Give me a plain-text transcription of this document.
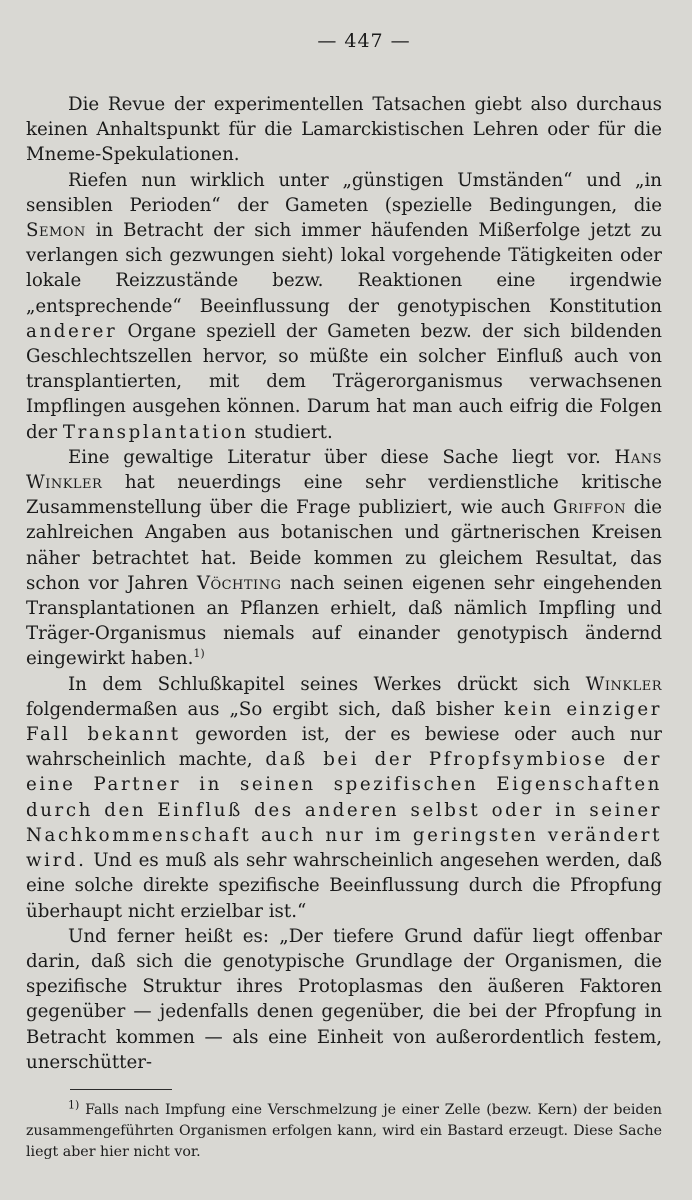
— 447 —

Die Revue der experimentellen Tatsachen giebt also durchaus keinen Anhaltspunkt für die Lamarckistischen Lehren oder für die Mneme-Spekulationen.

Riefen nun wirklich unter „günstigen Umständen“ und „in sensiblen Perioden“ der Gameten (spezielle Bedingungen, die Semon in Betracht der sich immer häufenden Mißerfolge jetzt zu verlangen sich gezwungen sieht) lokal vorgehende Tätigkeiten oder lokale Reizzustände bezw. Reaktionen eine irgendwie „entsprechende“ Beeinflussung der genotypischen Konstitution anderer Organe speziell der Gameten bezw. der sich bildenden Geschlechtszellen hervor, so müßte ein solcher Einfluß auch von transplantierten, mit dem Trägerorganismus verwachsenen Impflingen ausgehen können. Darum hat man auch eifrig die Folgen der Transplantation studiert.

Eine gewaltige Literatur über diese Sache liegt vor. Hans Winkler hat neuerdings eine sehr verdienstliche kritische Zusammenstellung über die Frage publiziert, wie auch Griffon die zahlreichen Angaben aus botanischen und gärtnerischen Kreisen näher betrachtet hat. Beide kommen zu gleichem Resultat, das schon vor Jahren Vöchting nach seinen eigenen sehr eingehenden Transplantationen an Pflanzen erhielt, daß nämlich Impfling und Träger-Organismus niemals auf einander genotypisch ändernd eingewirkt haben.$^{1)}$

In dem Schlußkapitel seines Werkes drückt sich Winkler folgendermaßen aus „So ergibt sich, daß bisher kein einziger Fall bekannt geworden ist, der es bewiese oder auch nur wahrscheinlich machte, daß bei der Pfropfsymbiose der eine Partner in seinen spezifischen Eigenschaften durch den Einfluß des anderen selbst oder in seiner Nachkommenschaft auch nur im geringsten verändert wird. Und es muß als sehr wahrscheinlich angesehen werden, daß eine solche direkte spezifische Beeinflussung durch die Pfropfung überhaupt nicht erzielbar ist.“

Und ferner heißt es: „Der tiefere Grund dafür liegt offenbar darin, daß sich die genotypische Grundlage der Organismen, die spezifische Struktur ihres Protoplasmas den äußeren Faktoren gegenüber — jedenfalls denen gegenüber, die bei der Pfropfung in Betracht kommen — als eine Einheit von außerordentlich festem, unerschütter-

$^{1)}$ Falls nach Impfung eine Verschmelzung je einer Zelle (bezw. Kern) der beiden zusammengeführten Organismen erfolgen kann, wird ein Bastard erzeugt. Diese Sache liegt aber hier nicht vor.
